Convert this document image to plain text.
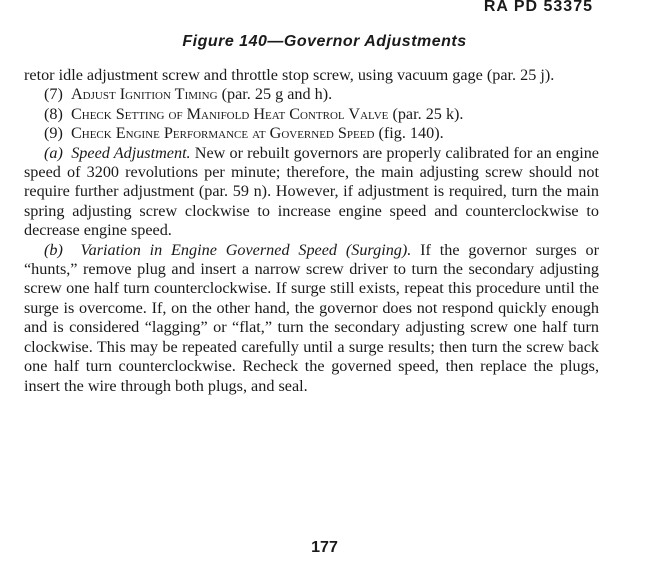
RA PD 53375
Figure 140—Governor Adjustments

retor idle adjustment screw and throttle stop screw, using vacuum gage (par. 25 j).

(7) Adjust Ignition Timing (par. 25 g and h).

(8) Check Setting of Manifold Heat Control Valve (par. 25 k).

(9) Check Engine Performance at Governed Speed (fig. 140).

(a) Speed Adjustment. New or rebuilt governors are properly calibrated for an engine speed of 3200 revolutions per minute; therefore, the main adjusting screw should not require further adjustment (par. 59 n). However, if adjustment is required, turn the main spring adjusting screw clockwise to increase engine speed and counterclockwise to decrease engine speed.

(b) Variation in Engine Governed Speed (Surging). If the governor surges or “hunts,” remove plug and insert a narrow screw driver to turn the secondary adjusting screw one half turn counterclockwise. If surge still exists, repeat this procedure until the surge is overcome. If, on the other hand, the governor does not respond quickly enough and is considered “lagging” or “flat,” turn the secondary adjusting screw one half turn clockwise. This may be repeated carefully until a surge results; then turn the screw back one half turn counterclockwise. Recheck the governed speed, then replace the plugs, insert the wire through both plugs, and seal.

177
